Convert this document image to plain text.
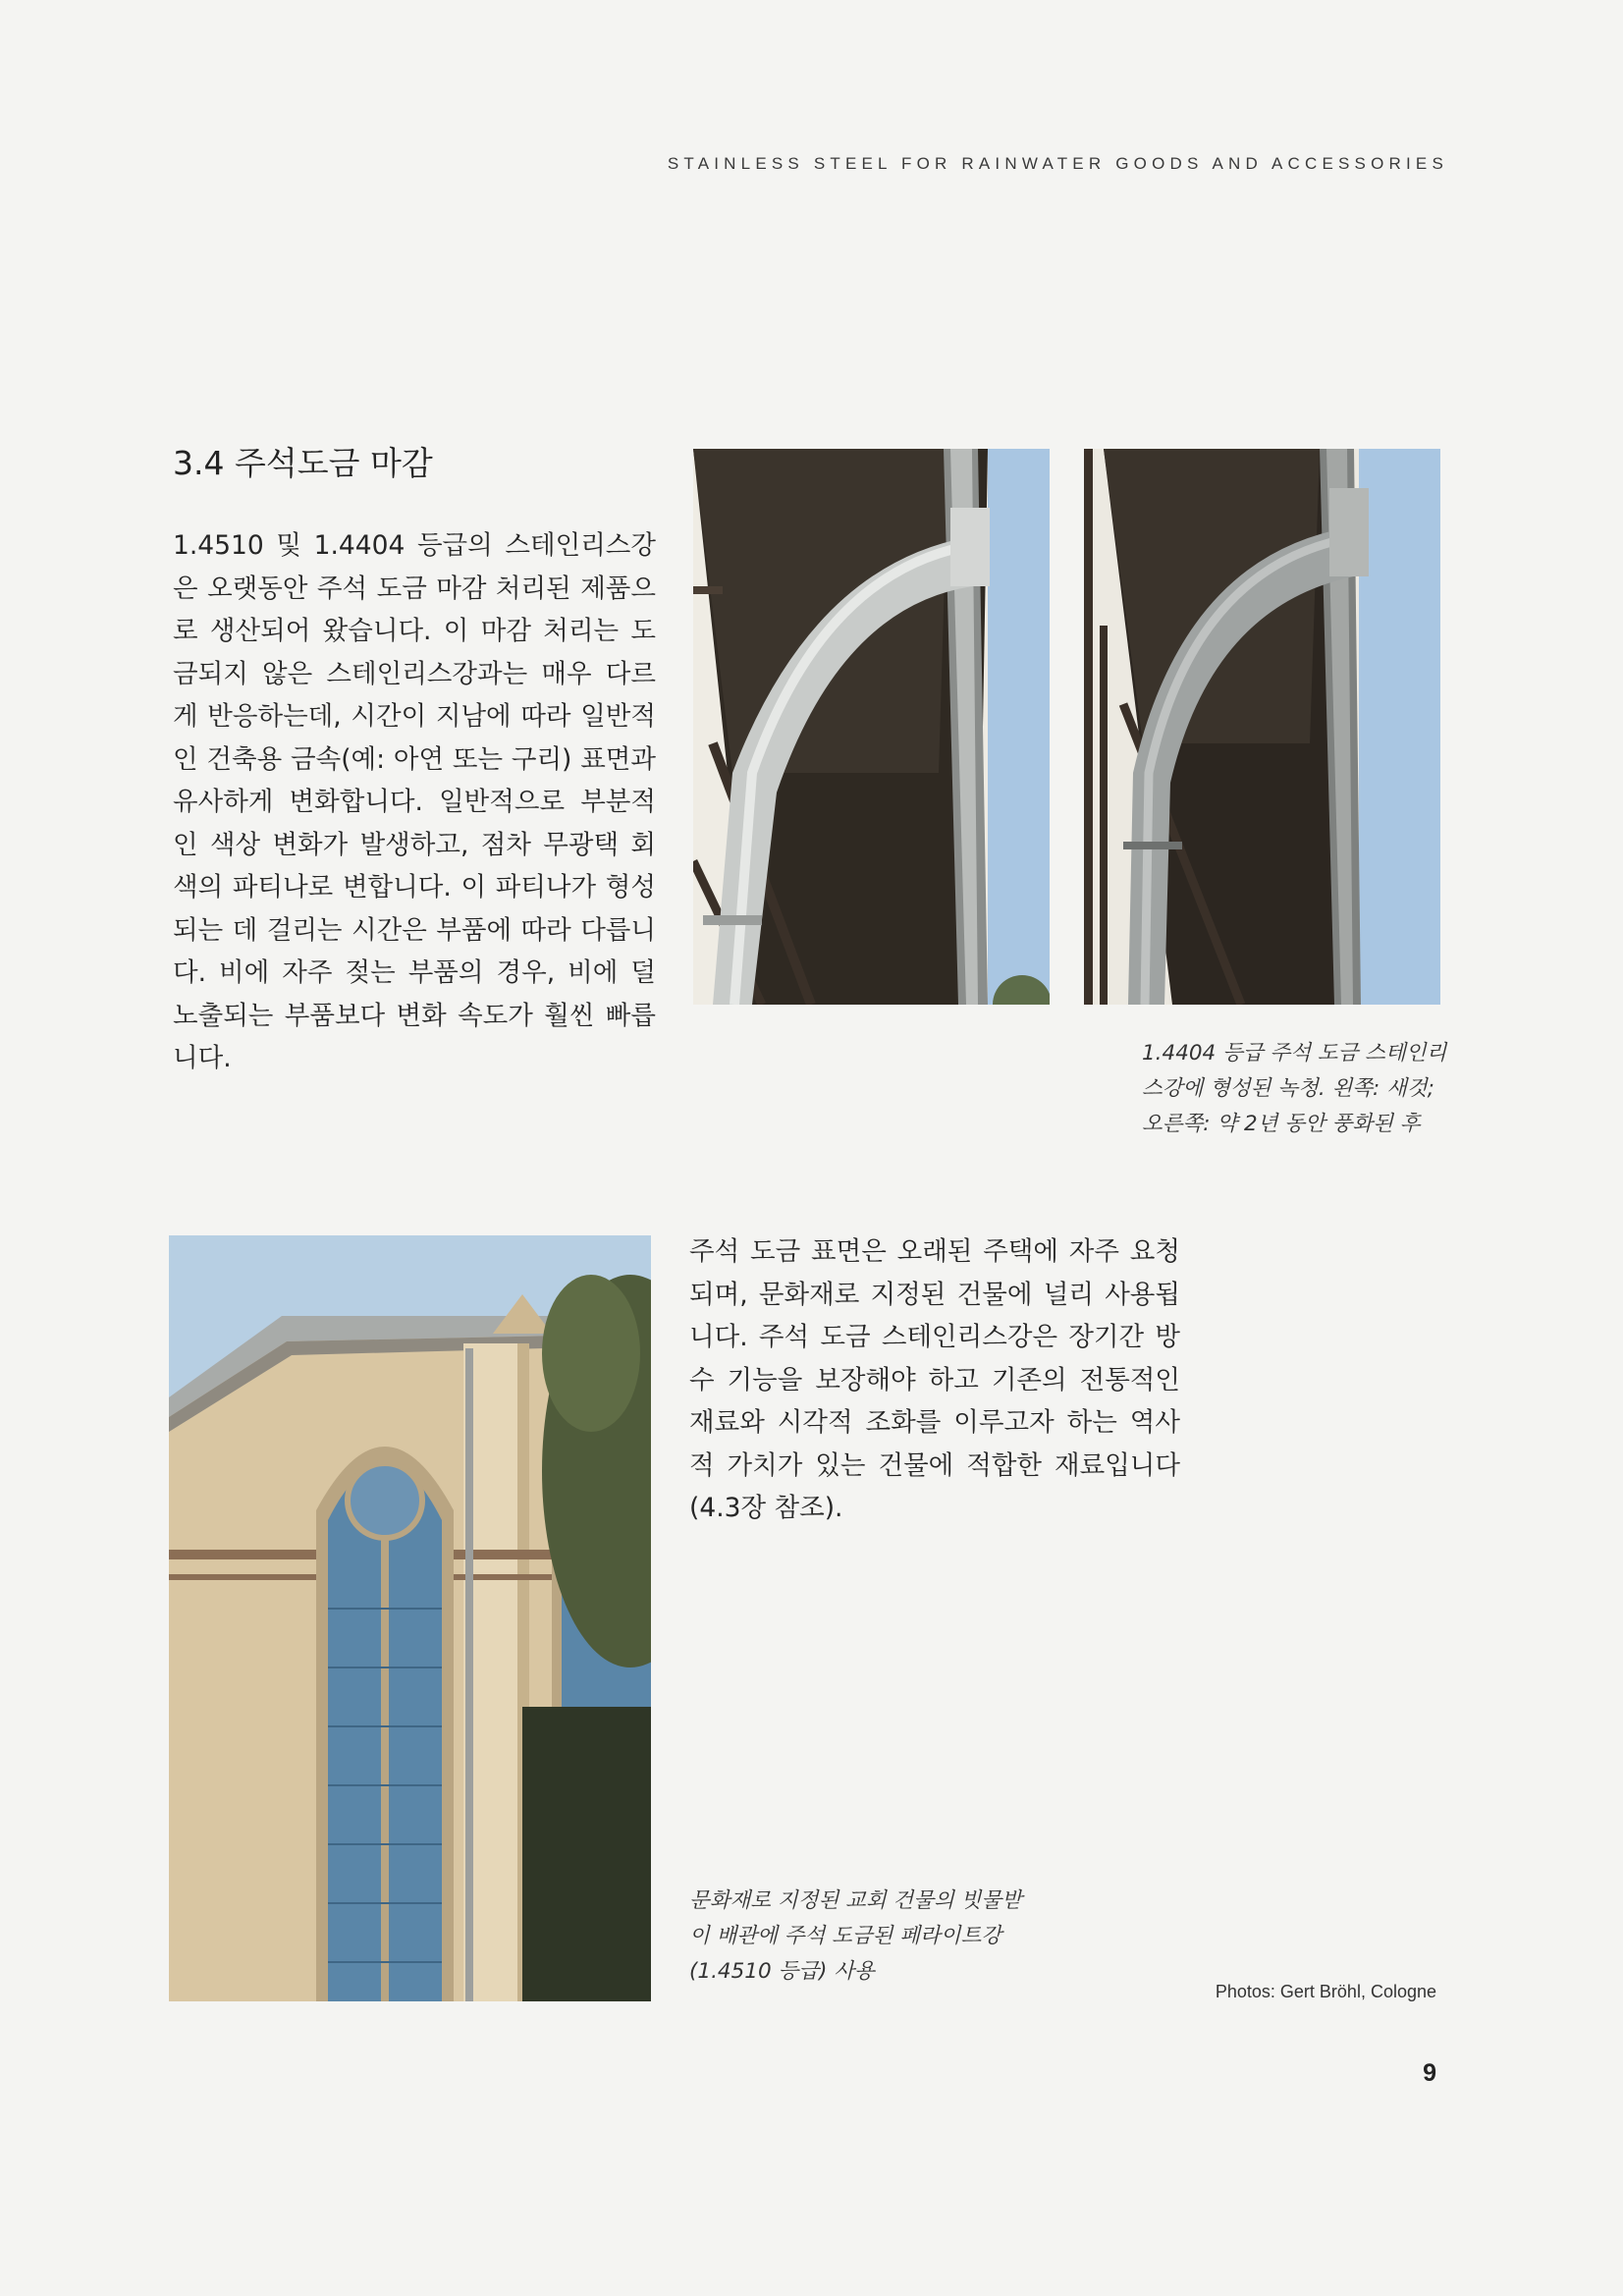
STAINLESS STEEL FOR RAINWATER GOODS AND ACCESSORIES
3.4 주석도금 마감

1.4510 및 1.4404 등급의 스테인리스강은 오랫동안 주석 도금 마감 처리된 제품으로 생산되어 왔습니다. 이 마감 처리는 도금되지 않은 스테인리스강과는 매우 다르게 반응하는데, 시간이 지남에 따라 일반적인 건축용 금속(예: 아연 또는 구리) 표면과 유사하게 변화합니다. 일반적으로 부분적인 색상 변화가 발생하고, 점차 무광택 회색의 파티나로 변합니다. 이 파티나가 형성되는 데 걸리는 시간은 부품에 따라 다릅니다. 비에 자주 젖는 부품의 경우, 비에 덜 노출되는 부품보다 변화 속도가 훨씬 빠릅니다.	1.4404 등급 주석 도금 스테인리스강에 형성된 녹청. 왼쪽: 새것; 오른쪽: 약 2년 동안 풍화된 후

주석 도금 표면은 오래된 주택에 자주 요청되며, 문화재로 지정된 건물에 널리 사용됩니다. 주석 도금 스테인리스강은 장기간 방수 기능을 보장해야 하고 기존의 전통적인 재료와 시각적 조화를 이루고자 하는 역사적 가치가 있는 건물에 적합한 재료입니다(4.3장 참조).

문화재로 지정된 교회 건물의 빗물받이 배관에 주석 도금된 페라이트강(1.4510 등급) 사용

Photos: Gert Bröhl, Cologne
9
